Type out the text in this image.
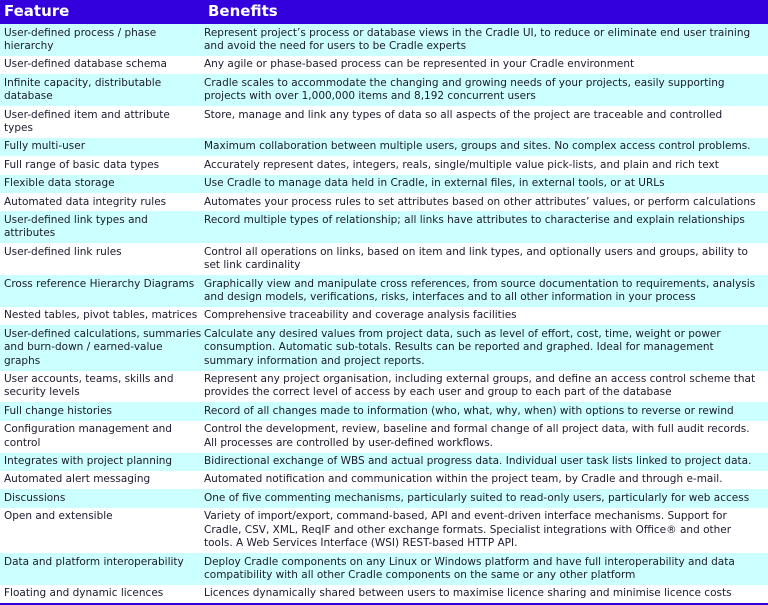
Feature	Benefits
User-defined process / phase hierarchy	Represent project’s process or database views in the Cradle UI, to reduce or eliminate end user training and avoid the need for users to be Cradle experts
User-defined database schema	Any agile or phase-based process can be represented in your Cradle environment
Infinite capacity, distributable database	Cradle scales to accommodate the changing and growing needs of your projects, easily supporting projects with over 1,000,000 items and 8,192 concurrent users
User-defined item and attribute types	Store, manage and link any types of data so all aspects of the project are traceable and controlled
Fully multi-user	Maximum collaboration between multiple users, groups and sites. No complex access control problems.
Full range of basic data types	Accurately represent dates, integers, reals, single/multiple value pick-lists, and plain and rich text
Flexible data storage	Use Cradle to manage data held in Cradle, in external files, in external tools, or at URLs
Automated data integrity rules	Automates your process rules to set attributes based on other attributes’ values, or perform calculations
User-defined link types and attributes	Record multiple types of relationship; all links have attributes to characterise and explain relationships
User-defined link rules	Control all operations on links, based on item and link types, and optionally users and groups, ability to set link cardinality
Cross reference Hierarchy Diagrams	Graphically view and manipulate cross references, from source documentation to requirements, analysis and design models, verifications, risks, interfaces and to all other information in your process
Nested tables, pivot tables, matrices	Comprehensive traceability and coverage analysis facilities
User-defined calculations, summaries and burn-down / earned-value graphs	Calculate any desired values from project data, such as level of effort, cost, time, weight or power consumption. Automatic sub-totals. Results can be reported and graphed. Ideal for management summary information and project reports.
User accounts, teams, skills and security levels	Represent any project organisation, including external groups, and define an access control scheme that provides the correct level of access by each user and group to each part of the database
Full change histories	Record of all changes made to information (who, what, why, when) with options to reverse or rewind
Configuration management and control	Control the development, review, baseline and formal change of all project data, with full audit records. All processes are controlled by user-defined workflows.
Integrates with project planning	Bidirectional exchange of WBS and actual progress data. Individual user task lists linked to project data.
Automated alert messaging	Automated notification and communication within the project team, by Cradle and through e-mail.
Discussions	One of five commenting mechanisms, particularly suited to read-only users, particularly for web access
Open and extensible	Variety of import/export, command-based, API and event-driven interface mechanisms. Support for Cradle, CSV, XML, ReqIF and other exchange formats. Specialist integrations with Office® and other tools. A Web Services Interface (WSI) REST-based HTTP API.
Data and platform interoperability	Deploy Cradle components on any Linux or Windows platform and have full interoperability and data compatibility with all other Cradle components on the same or any other platform
Floating and dynamic licences	Licences dynamically shared between users to maximise licence sharing and minimise licence costs
